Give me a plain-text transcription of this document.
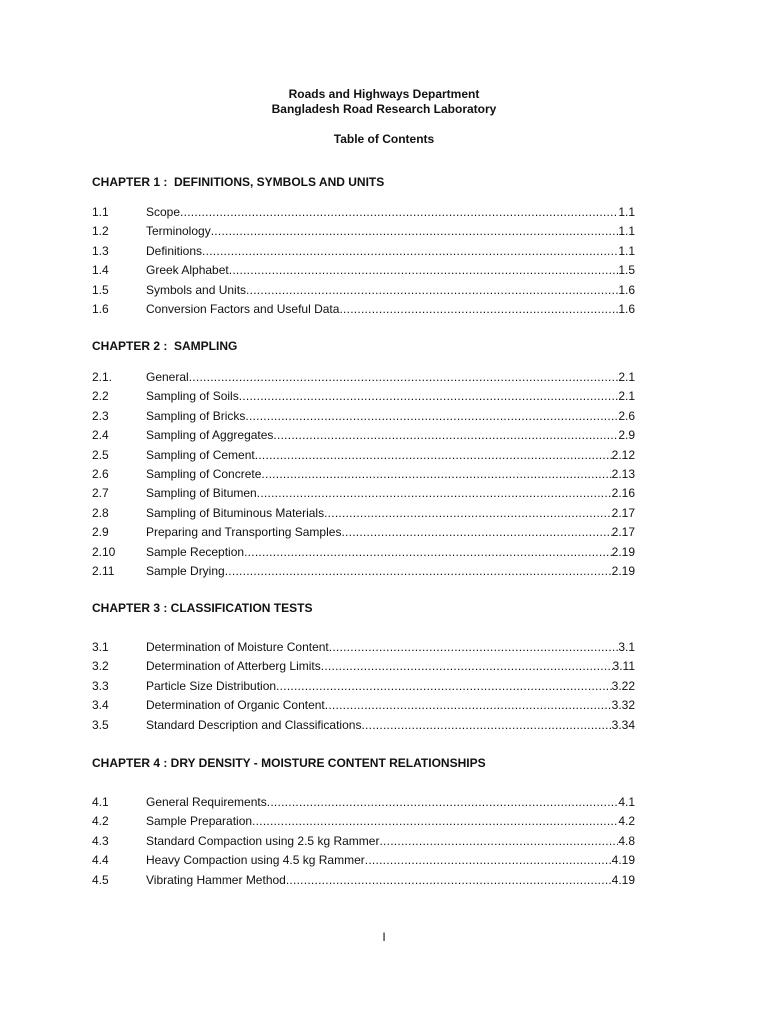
Roads and Highways Department
Bangladesh Road Research Laboratory
Table of Contents
CHAPTER 1 :  DEFINITIONS, SYMBOLS AND UNITS
CHAPTER 2 :  SAMPLING
CHAPTER 3 : CLASSIFICATION TESTS
CHAPTER 4 : DRY DENSITY - MOISTURE CONTENT RELATIONSHIPS
1.1	Scope .....	1.1
1.2	Terminology .....	1.1
1.3	Definitions .....	1.1
1.4	Greek Alphabet .....	1.5
1.5	Symbols and Units .....	1.6
1.6	Conversion Factors and Useful Data .....	1.6
2.1.	General .....	2.1
2.2	Sampling of Soils .....	2.1
2.3	Sampling of Bricks .....	2.6
2.4	Sampling of Aggregates .....	2.9
2.5	Sampling of Cement .....	2.12
2.6	Sampling of Concrete .....	2.13
2.7	Sampling of Bitumen .....	2.16
2.8	Sampling of Bituminous Materials .....	2.17
2.9	Preparing and Transporting Samples .....	2.17
2.10	Sample Reception .....	2.19
2.11	Sample Drying .....	2.19
3.1	Determination of Moisture Content .....	3.1
3.2	Determination of Atterberg Limits .....	3.11
3.3	Particle Size Distribution .....	3.22
3.4	Determination of Organic Content .....	3.32
3.5	Standard Description and Classifications .....	3.34
4.1	General Requirements .....	4.1
4.2	Sample Preparation .....	4.2
4.3	Standard Compaction using 2.5 kg Rammer .....	4.8
4.4	Heavy Compaction using 4.5 kg Rammer .....	4.19
4.5	Vibrating Hammer Method .....	4.19
I
